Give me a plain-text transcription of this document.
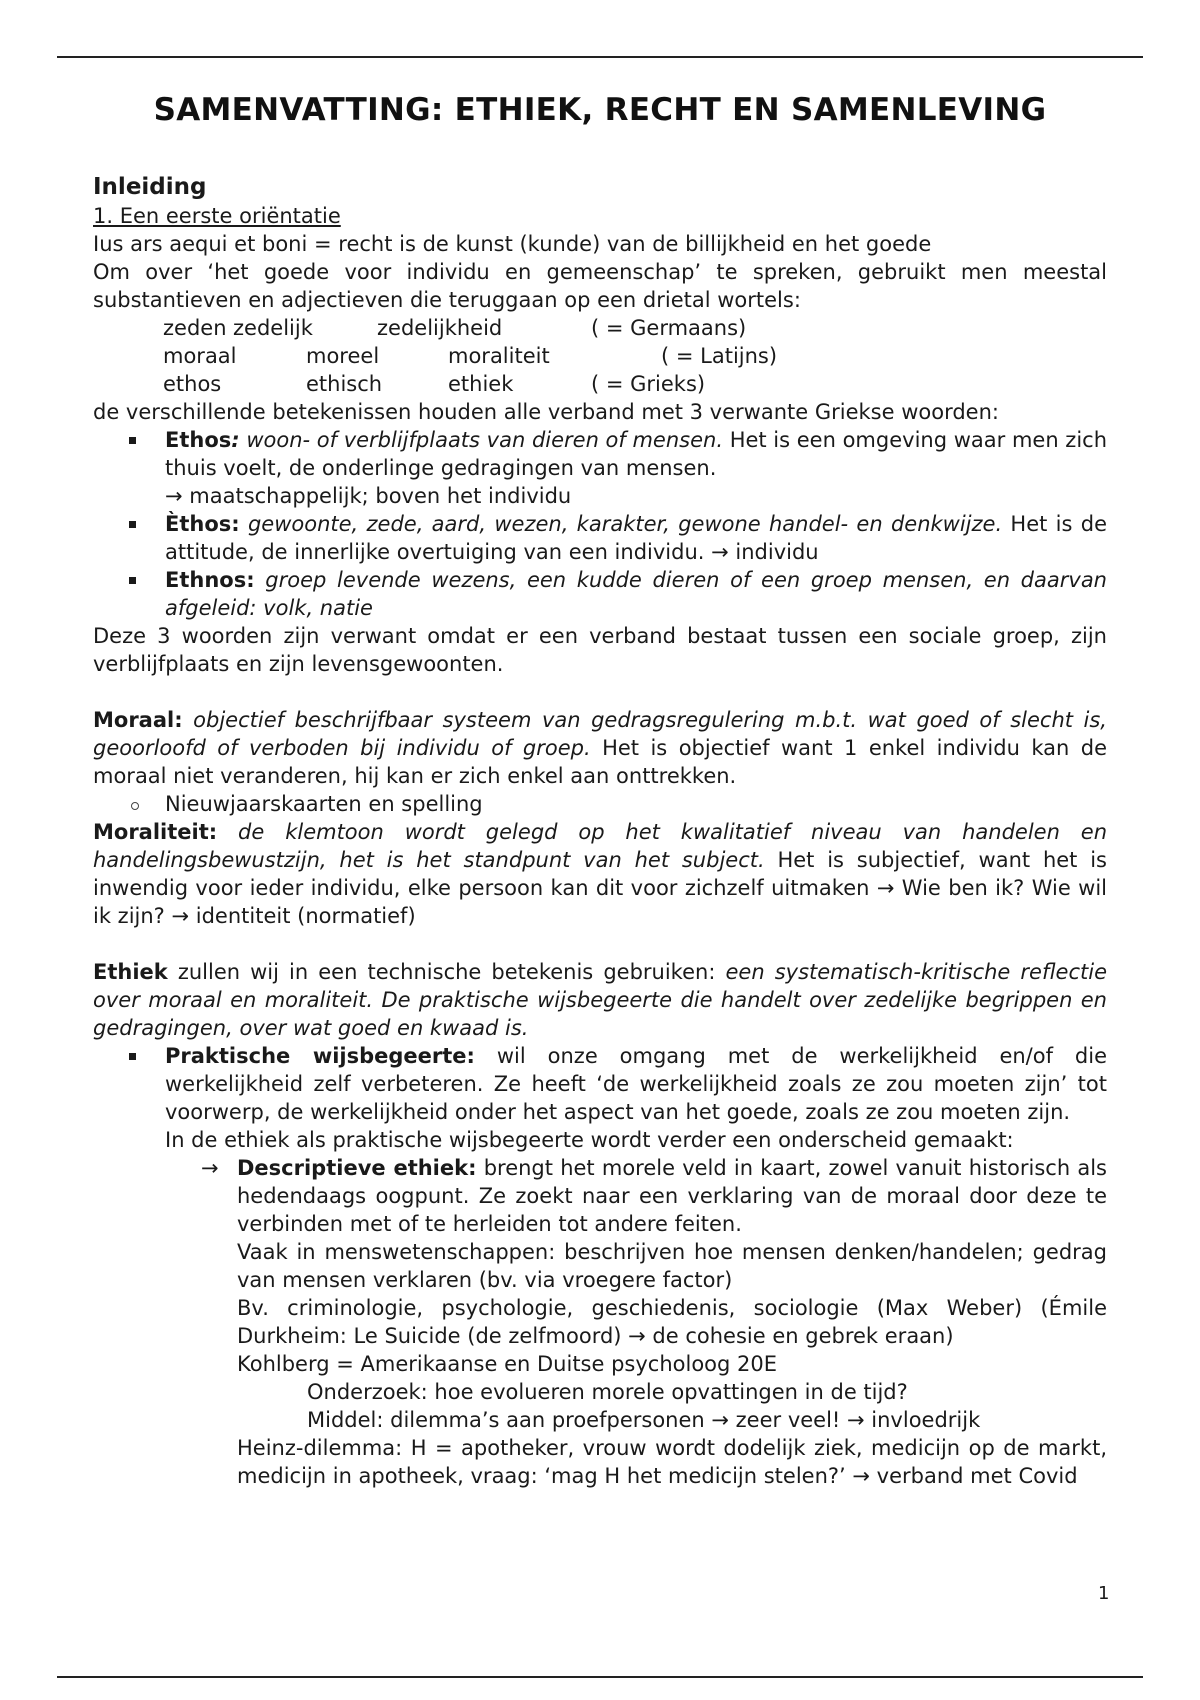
SAMENVATTING: ETHIEK, RECHT EN SAMENLEVING
Inleiding
1. Een eerste oriëntatie

Ius ars aequi et boni = recht is de kunst (kunde) van de billijkheid en het goede

Om over ‘het goede voor individu en gemeenschap’ te spreken, gebruikt men meestal substantieven en adjectieven die teruggaan op een drietal wortels:

zeden zedelijk	zedelijkheid	( = Germaans)
moraal	moreel	moraliteit	( = Latijns)
ethos	ethisch	ethiek	( = Grieks)

de verschillende betekenissen houden alle verband met 3 verwante Griekse woorden:

Ethos: woon- of verblijfplaats van dieren of mensen. Het is een omgeving waar men zich thuis voelt, de onderlinge gedragingen van mensen.
→ maatschappelijk; boven het individu
Èthos: gewoonte, zede, aard, wezen, karakter, gewone handel- en denkwijze. Het is de attitude, de innerlijke overtuiging van een individu. → individu
Ethnos: groep levende wezens, een kudde dieren of een groep mensen, en daarvan afgeleid: volk, natie

Deze 3 woorden zijn verwant omdat er een verband bestaat tussen een sociale groep, zijn verblijfplaats en zijn levensgewoonten.

Moraal: objectief beschrijfbaar systeem van gedragsregulering m.b.t. wat goed of slecht is, geoorloofd of verboden bij individu of groep. Het is objectief want 1 enkel individu kan de moraal niet veranderen, hij kan er zich enkel aan onttrekken.

Nieuwjaarskaarten en spelling

Moraliteit: de klemtoon wordt gelegd op het kwalitatief niveau van handelen en handelingsbewustzijn, het is het standpunt van het subject. Het is subjectief, want het is inwendig voor ieder individu, elke persoon kan dit voor zichzelf uitmaken → Wie ben ik? Wie wil ik zijn? → identiteit (normatief)

Ethiek zullen wij in een technische betekenis gebruiken: een systematisch-kritische reflectie over moraal en moraliteit. De praktische wijsbegeerte die handelt over zedelijke begrippen en gedragingen, over wat goed en kwaad is.

Praktische wijsbegeerte: wil onze omgang met de werkelijkheid en/of die werkelijkheid zelf verbeteren. Ze heeft ‘de werkelijkheid zoals ze zou moeten zijn’ tot voorwerp, de werkelijkheid onder het aspect van het goede, zoals ze zou moeten zijn.

In de ethiek als praktische wijsbegeerte wordt verder een onderscheid gemaakt:

→ Descriptieve ethiek: brengt het morele veld in kaart, zowel vanuit historisch als hedendaags oogpunt. Ze zoekt naar een verklaring van de moraal door deze te verbinden met of te herleiden tot andere feiten.

Vaak in menswetenschappen: beschrijven hoe mensen denken/handelen; gedrag van mensen verklaren (bv. via vroegere factor)

Bv. criminologie, psychologie, geschiedenis, sociologie (Max Weber) (Émile Durkheim: Le Suicide (de zelfmoord) → de cohesie en gebrek eraan)

Kohlberg = Amerikaanse en Duitse psycholoog 20E

Onderzoek: hoe evolueren morele opvattingen in de tijd?

Middel: dilemma’s aan proefpersonen → zeer veel! → invloedrijk

Heinz-dilemma: H = apotheker, vrouw wordt dodelijk ziek, medicijn op de markt, medicijn in apotheek, vraag: ‘mag H het medicijn stelen?’ → verband met Covid

1
